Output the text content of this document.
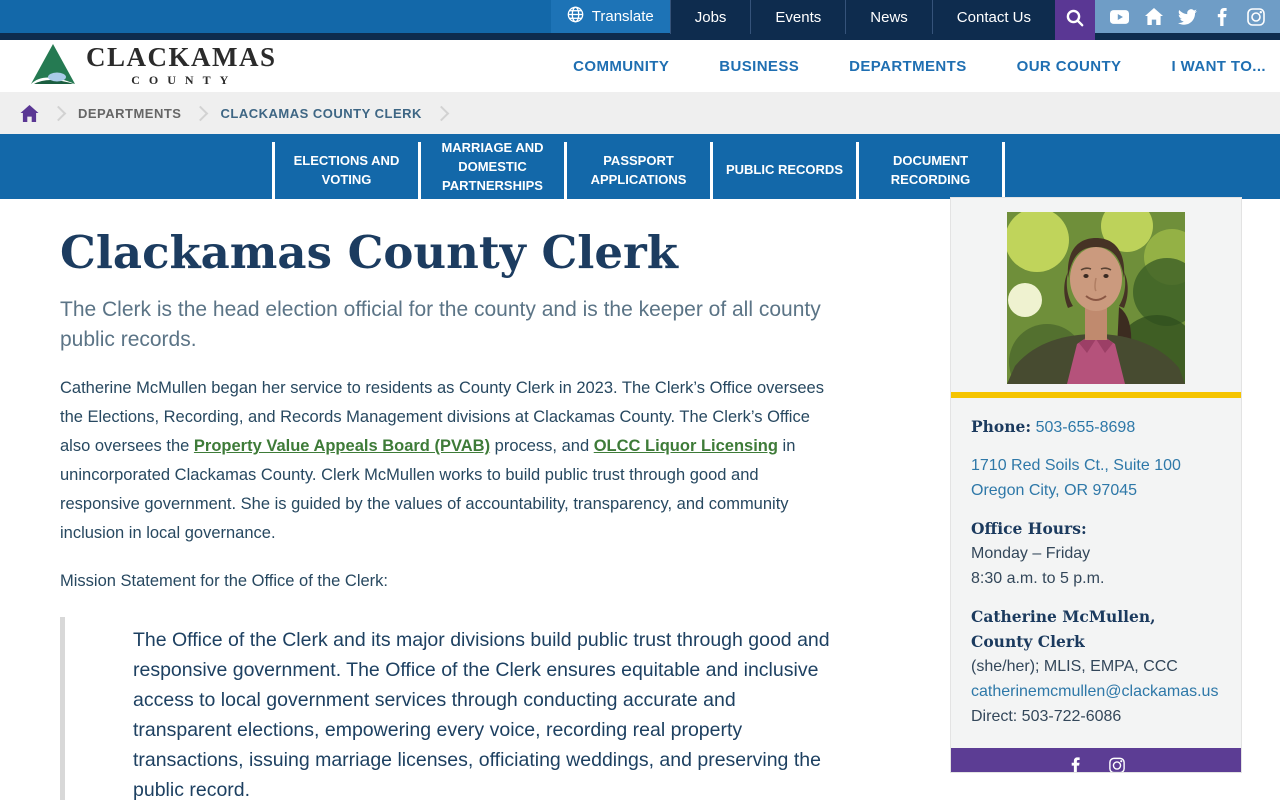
Translate	Jobs	Events	News	Contact Us
CLACKAMAS
COUNTY
COMMUNITY	BUSINESS	DEPARTMENTS	OUR COUNTY	I WANT TO...
DEPARTMENTS	CLACKAMAS COUNTY CLERK
ELECTIONS AND VOTING
MARRIAGE AND DOMESTIC PARTNERSHIPS
PASSPORT APPLICATIONS
PUBLIC RECORDS
DOCUMENT RECORDING
Clackamas County Clerk
The Clerk is the head election official for the county and is the keeper of all county public records.
Catherine McMullen began her service to residents as County Clerk in 2023. The Clerk’s Office oversees the Elections, Recording, and Records Management divisions at Clackamas County. The Clerk’s Office also oversees the Property Value Appeals Board (PVAB) process, and OLCC Liquor Licensing in unincorporated Clackamas County. Clerk McMullen works to build public trust through good and responsive government. She is guided by the values of accountability, transparency, and community inclusion in local governance.
Mission Statement for the Office of the Clerk:
The Office of the Clerk and its major divisions build public trust through good and responsive government. The Office of the Clerk ensures equitable and inclusive access to local government services through conducting accurate and transparent elections, empowering every voice, recording real property transactions, issuing marriage licenses, officiating weddings, and preserving the public record.
Phone: 503-655-8698
1710 Red Soils Ct., Suite 100
Oregon City, OR 97045
Office Hours:
Monday – Friday
8:30 a.m. to 5 p.m.
Catherine McMullen, County Clerk
(she/her); MLIS, EMPA, CCC
catherinemcmullen@clackamas.us
Direct: 503-722-6086
